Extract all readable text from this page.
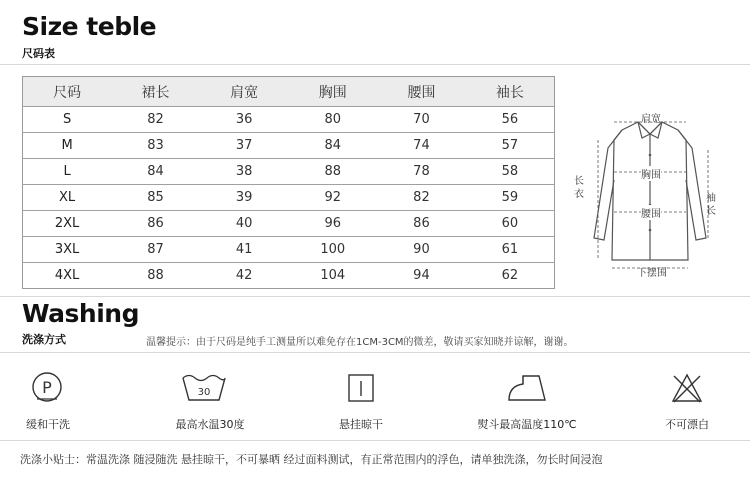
Size teble
尺码表
尺码	裙长	肩宽	胸围	腰围	袖长
S	82	36	80	70	56
M	83	37	84	74	57
L	84	38	88	78	58
XL	85	39	92	82	59
2XL	86	40	96	86	60
3XL	87	41	100	90	61
4XL	88	42	104	94	62
肩宽
胸围
腰围
长衣	袖长
下摆围
Washing
洗涤方式	温馨提示：由于尺码是纯手工测量所以难免存在1CM-3CM的微差，敬请买家知晓并谅解，谢谢。
P
缓和干洗
30
最高水温30度	悬挂晾干	熨斗最高温度110℃	不可漂白
洗涤小贴士：常温洗涤 随浸随洗 悬挂晾干，不可暴晒 经过面料测试，有正常范围内的浮色，请单独洗涤，勿长时间浸泡
